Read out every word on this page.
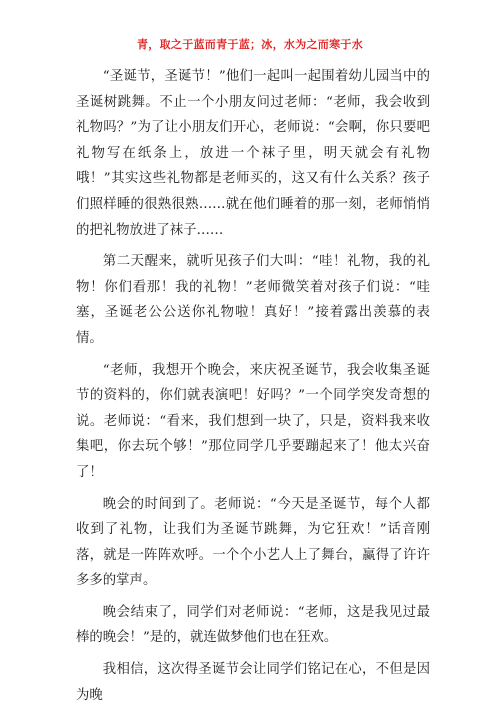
青，取之于蓝而青于蓝；冰，水为之而寒于水

“圣诞节，圣诞节！”他们一起叫一起围着幼儿园当中的圣诞树跳舞。不止一个小朋友问过老师：“老师，我会收到礼物吗？”为了让小朋友们开心，老师说：“会啊，你只要吧礼物写在纸条上，放进一个袜子里，明天就会有礼物哦！”其实这些礼物都是老师买的，这又有什么关系？孩子们照样睡的很熟很熟……就在他们睡着的那一刻，老师悄悄的把礼物放进了袜子……

第二天醒来，就听见孩子们大叫：“哇！礼物，我的礼物！你们看那！我的礼物！”老师微笑着对孩子们说：“哇塞，圣诞老公公送你礼物啦！真好！”接着露出羡慕的表情。

“老师，我想开个晚会，来庆祝圣诞节，我会收集圣诞节的资料的，你们就表演吧！好吗？”一个同学突发奇想的说。老师说：“看来，我们想到一块了，只是，资料我来收集吧，你去玩个够！”那位同学几乎要蹦起来了！他太兴奋了！

晚会的时间到了。老师说：“今天是圣诞节，每个人都收到了礼物，让我们为圣诞节跳舞，为它狂欢！”话音刚落，就是一阵阵欢呼。一个个小艺人上了舞台，赢得了许许多多的掌声。

晚会结束了，同学们对老师说：“老师，这是我见过最棒的晚会！”是的，就连做梦他们也在狂欢。

我相信，这次得圣诞节会让同学们铭记在心，不但是因为晚
